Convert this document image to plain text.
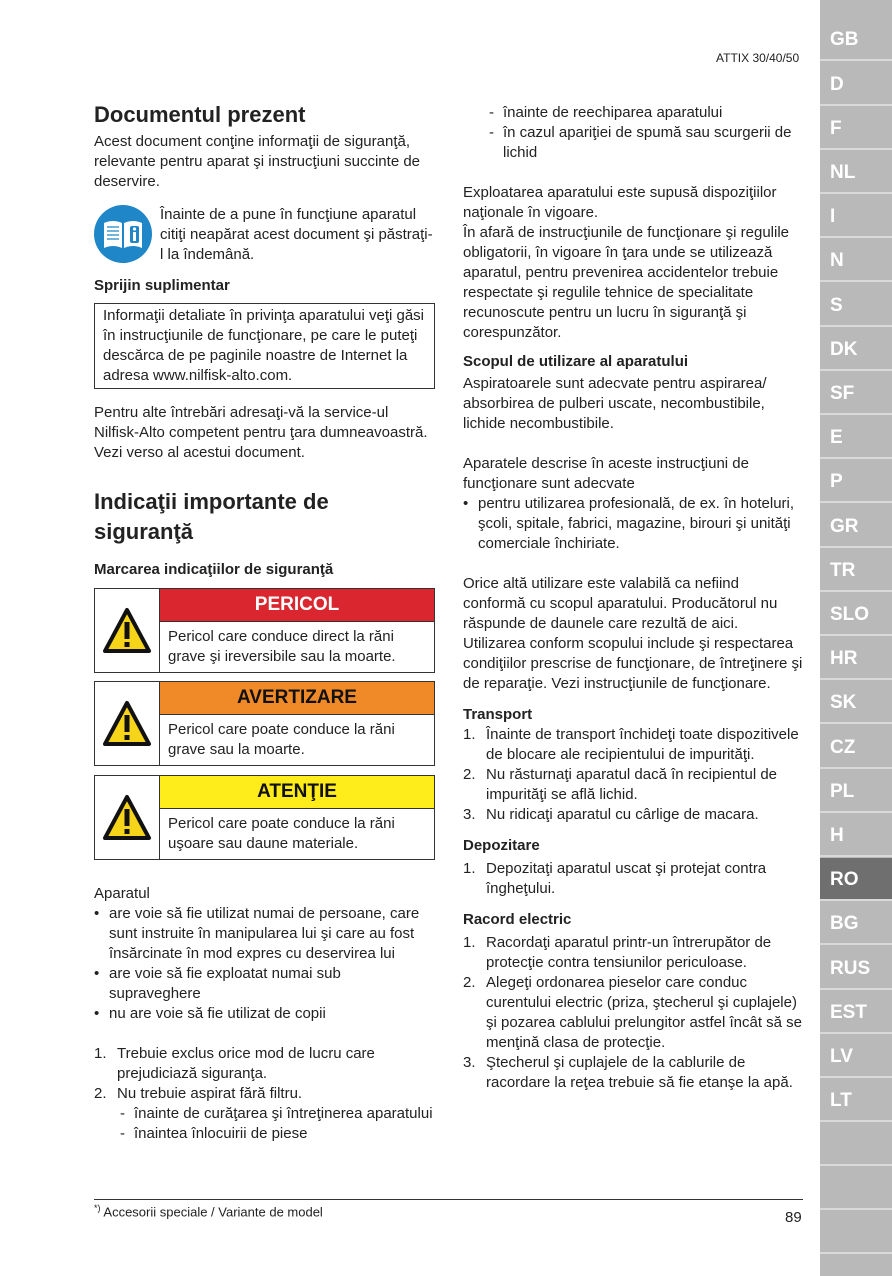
ATTIX 30/40/50
Documentul prezent

Acest document conţine informaţii de siguranţă, relevante pentru aparat şi instrucţiuni succinte de deservire.

Înainte de a pune în funcţiune aparatul citiţi neapărat acest document şi păstraţi-l la îndemână.

Sprijin suplimentar
Informaţii detaliate în privinţa aparatului veţi găsi în instrucţiunile de funcţionare, pe care le puteţi descărca de pe paginile noastre de Internet la adresa www.nilfisk-alto.com.

Pentru alte întrebări adresaţi-vă la service-ul Nilfisk-Alto competent pentru ţara dumneavoastră. Vezi verso al acestui document.

Indicaţii importante de siguranţă
Marcarea indicaţiilor de siguranţă
PERICOL
Pericol care conduce direct la răni grave şi ireversibile sau la moarte.
AVERTIZARE
Pericol care poate conduce la răni grave sau la moarte.
ATENŢIE
Pericol care poate conduce la răni uşoare sau daune materiale.

Aparatul

• are voie să fie utilizat numai de persoane, care sunt instruite în manipularea lui şi care au fost însărcinate în mod expres cu deservirea lui
• are voie să fie exploatat numai sub supraveghere
• nu are voie să fie utilizat de copii
1. Trebuie exclus orice mod de lucru care prejudiciază siguranţa.
2. Nu trebuie aspirat fără filtru.
- înainte de curăţarea şi întreţinerea aparatului
- înaintea înlocuirii de piese
- înainte de reechiparea aparatului
- în cazul apariţiei de spumă sau scurgerii de lichid

Exploatarea aparatului este supusă dispoziţiilor naţionale în vigoare.
În afară de instrucţiunile de funcţionare şi regulile obligatorii, în vigoare în ţara unde se utilizează aparatul, pentru prevenirea accidentelor trebuie respectate şi regulile tehnice de specialitate recunoscute pentru un lucru în siguranţă şi corespunzător.

Scopul de utilizare al aparatului

Aspiratoarele sunt adecvate pentru aspirarea/ absorbirea de pulberi uscate, necombustibile, lichide necombustibile.

Aparatele descrise în aceste instrucţiuni de funcţionare sunt adecvate

• pentru utilizarea profesională, de ex. în hoteluri, şcoli, spitale, fabrici, magazine, birouri şi unităţi comerciale închiriate.

Orice altă utilizare este valabilă ca nefiind conformă cu scopul aparatului. Producătorul nu răspunde de daunele care rezultă de aici. Utilizarea conform scopului include şi respectarea condiţiilor prescrise de funcţionare, de întreţinere şi de reparaţie. Vezi instrucţiunile de funcţionare.

Transport
1. Înainte de transport închideţi toate dispozitivele de blocare ale recipientului de impurităţi.
2. Nu răsturnaţi aparatul dacă în recipientul de impurităţi se află lichid.
3. Nu ridicaţi aparatul cu cârlige de macara.
Depozitare
1. Depozitaţi aparatul uscat şi protejat contra îngheţului.
Racord electric
1. Racordaţi aparatul printr-un întrerupător de protecţie contra tensiunilor periculoase.
2. Alegeţi ordonarea pieselor care conduc curentului electric (priza, ştecherul şi cuplajele) şi pozarea cablului prelungitor astfel încât să se menţină clasa de protecţie.
3. Ştecherul şi cuplajele de la cablurile de racordare la reţea trebuie să fie etanşe la apă.
*) Accesorii speciale / Variante de model	89
GB
D
F
NL
I
N
S
DK
SF
E
P
GR
TR
SLO
HR
SK
CZ
PL
H
RO
BG
RUS
EST
LV
LT
